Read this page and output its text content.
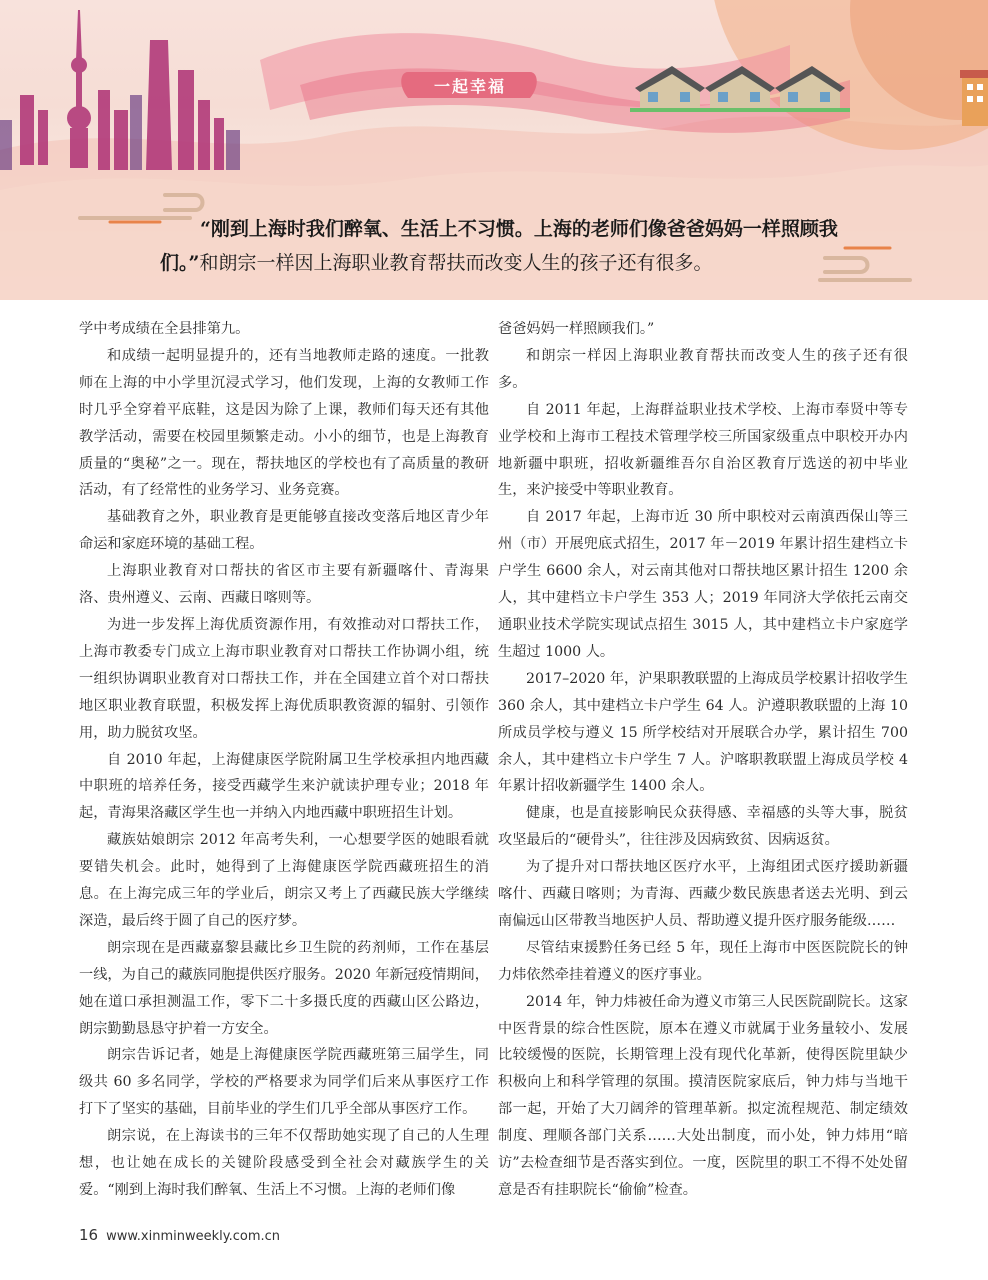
一起幸福
“刚到上海时我们醉氧、生活上不习惯。上海的老师们像爸爸妈妈一样照顾我们。”和朗宗一样因上海职业教育帮扶而改变人生的孩子还有很多。

学中考成绩在全县排第九。

和成绩一起明显提升的，还有当地教师走路的速度。一批教师在上海的中小学里沉浸式学习，他们发现，上海的女教师工作时几乎全穿着平底鞋，这是因为除了上课，教师们每天还有其他教学活动，需要在校园里频繁走动。小小的细节，也是上海教育质量的“奥秘”之一。现在，帮扶地区的学校也有了高质量的教研活动，有了经常性的业务学习、业务竞赛。

基础教育之外，职业教育是更能够直接改变落后地区青少年命运和家庭环境的基础工程。

上海职业教育对口帮扶的省区市主要有新疆喀什、青海果洛、贵州遵义、云南、西藏日喀则等。

为进一步发挥上海优质资源作用，有效推动对口帮扶工作，上海市教委专门成立上海市职业教育对口帮扶工作协调小组，统一组织协调职业教育对口帮扶工作，并在全国建立首个对口帮扶地区职业教育联盟，积极发挥上海优质职教资源的辐射、引领作用，助力脱贫攻坚。

自 2010 年起，上海健康医学院附属卫生学校承担内地西藏中职班的培养任务，接受西藏学生来沪就读护理专业；2018 年起，青海果洛藏区学生也一并纳入内地西藏中职班招生计划。

藏族姑娘朗宗 2012 年高考失利，一心想要学医的她眼看就要错失机会。此时，她得到了上海健康医学院西藏班招生的消息。在上海完成三年的学业后，朗宗又考上了西藏民族大学继续深造，最后终于圆了自己的医疗梦。

朗宗现在是西藏嘉黎县藏比乡卫生院的药剂师，工作在基层一线，为自己的藏族同胞提供医疗服务。2020 年新冠疫情期间，她在道口承担测温工作，零下二十多摄氏度的西藏山区公路边，朗宗勤勤恳恳守护着一方安全。

朗宗告诉记者，她是上海健康医学院西藏班第三届学生，同级共 60 多名同学，学校的严格要求为同学们后来从事医疗工作打下了坚实的基础，目前毕业的学生们几乎全部从事医疗工作。

朗宗说，在上海读书的三年不仅帮助她实现了自己的人生理想，也让她在成长的关键阶段感受到全社会对藏族学生的关爱。“刚到上海时我们醉氧、生活上不习惯。上海的老师们像

爸爸妈妈一样照顾我们。”

和朗宗一样因上海职业教育帮扶而改变人生的孩子还有很多。

自 2011 年起，上海群益职业技术学校、上海市奉贤中等专业学校和上海市工程技术管理学校三所国家级重点中职校开办内地新疆中职班，招收新疆维吾尔自治区教育厅选送的初中毕业生，来沪接受中等职业教育。

自 2017 年起，上海市近 30 所中职校对云南滇西保山等三州（市）开展兜底式招生，2017 年－2019 年累计招生建档立卡户学生 6600 余人，对云南其他对口帮扶地区累计招生 1200 余人，其中建档立卡户学生 353 人；2019 年同济大学依托云南交通职业技术学院实现试点招生 3015 人，其中建档立卡户家庭学生超过 1000 人。

2017–2020 年，沪果职教联盟的上海成员学校累计招收学生 360 余人，其中建档立卡户学生 64 人。沪遵职教联盟的上海 10 所成员学校与遵义 15 所学校结对开展联合办学，累计招生 700 余人，其中建档立卡户学生 7 人。沪喀职教联盟上海成员学校 4 年累计招收新疆学生 1400 余人。

健康，也是直接影响民众获得感、幸福感的头等大事，脱贫攻坚最后的“硬骨头”，往往涉及因病致贫、因病返贫。

为了提升对口帮扶地区医疗水平，上海组团式医疗援助新疆喀什、西藏日喀则；为青海、西藏少数民族患者送去光明、到云南偏远山区带教当地医护人员、帮助遵义提升医疗服务能级……

尽管结束援黔任务已经 5 年，现任上海市中医医院院长的钟力炜依然牵挂着遵义的医疗事业。

2014 年，钟力炜被任命为遵义市第三人民医院副院长。这家中医背景的综合性医院，原本在遵义市就属于业务量较小、发展比较缓慢的医院，长期管理上没有现代化革新，使得医院里缺少积极向上和科学管理的氛围。摸清医院家底后，钟力炜与当地干部一起，开始了大刀阔斧的管理革新。拟定流程规范、制定绩效制度、理顺各部门关系……大处出制度，而小处，钟力炜用“暗访”去检查细节是否落实到位。一度，医院里的职工不得不处处留意是否有挂职院长“偷偷”检查。

16 www.xinminweekly.com.cn
